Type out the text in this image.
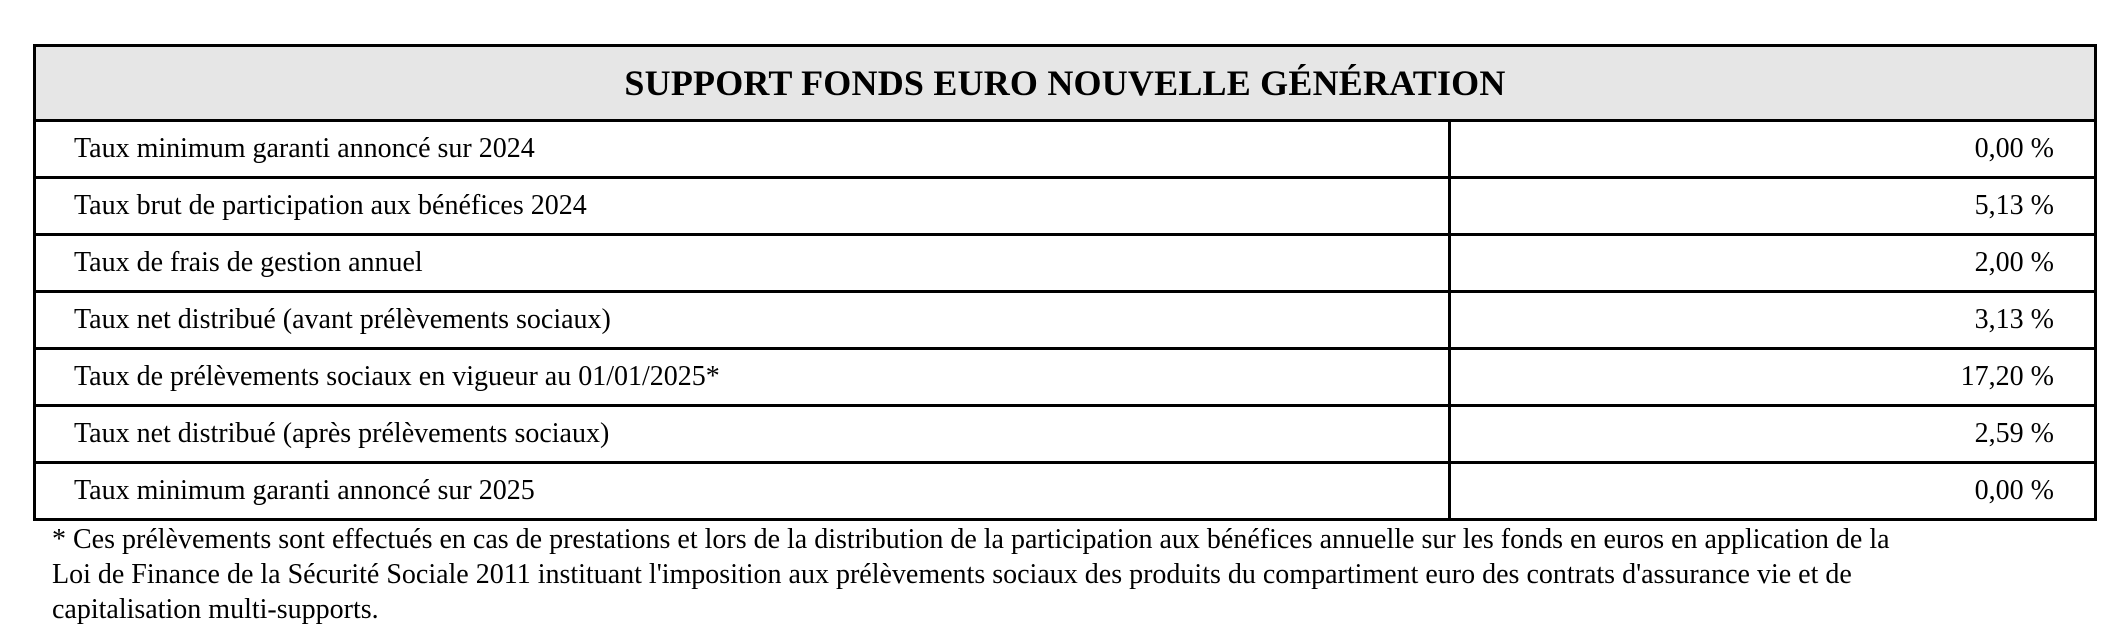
SUPPORT FONDS EURO NOUVELLE GÉNÉRATION	
Taux minimum garanti annoncé sur 2024	0,00 %
Taux brut de participation aux bénéfices 2024	5,13 %
Taux de frais de gestion annuel	2,00 %
Taux net distribué (avant prélèvements sociaux)	3,13 %
Taux de prélèvements sociaux en vigueur au 01/01/2025*	17,20 %
Taux net distribué (après prélèvements sociaux)	2,59 %
Taux minimum garanti annoncé sur 2025	0,00 %
* Ces prélèvements sont effectués en cas de prestations et lors de la distribution de la participation aux bénéfices annuelle sur les fonds en euros en application de la
Loi de Finance de la Sécurité Sociale 2011 instituant l'imposition aux prélèvements sociaux des produits du compartiment euro des contrats d'assurance vie et de
capitalisation multi-supports.
